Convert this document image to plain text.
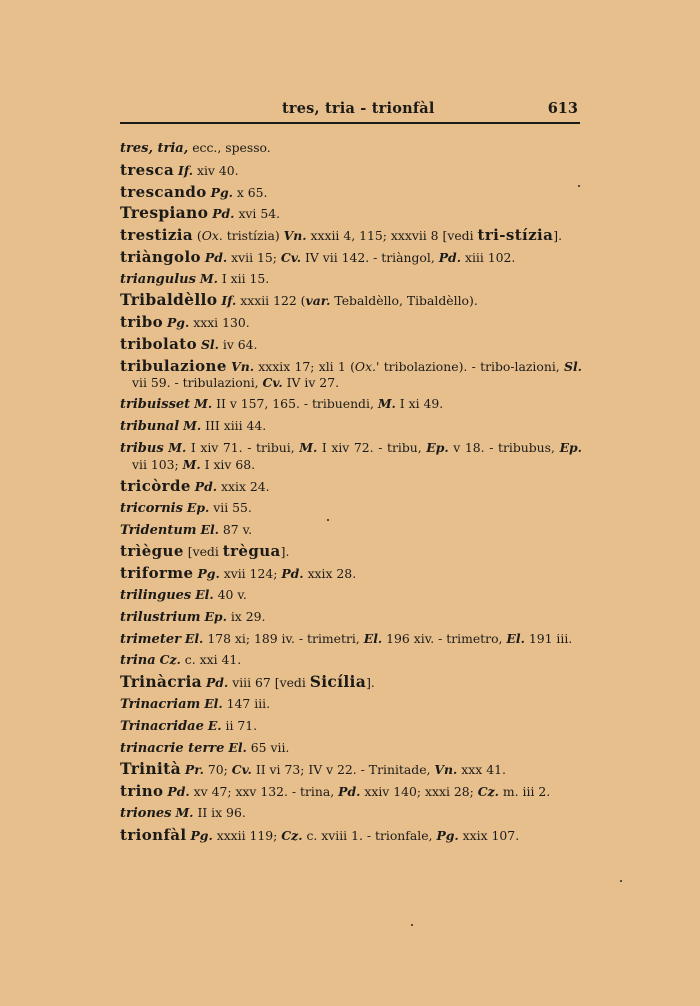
tres, tria - trionfàl	613
tres, tria, ecc., spesso.
tresca If. xiv 40.
trescando Pg. x 65.
Trespiano Pd. xvi 54.
trestizia (Ox. tristízia) Vn. xxxii 4, 115; xxxvii 8 [vedi tri-stízia].
triàngolo Pd. xvii 15; Cv. IV vii 142. - triàngol, Pd. xiii 102.
triangulus M. I xii 15.
Tribaldèllo If. xxxii 122 (var. Tebaldèllo, Tibaldèllo).
tribo Pg. xxxi 130.
tribolato Sl. iv 64.
tribulazione Vn. xxxix 17; xli 1 (Ox.' tribolazione). - tribo-lazioni, Sl. vii 59. - tribulazioni, Cv. IV iv 27.
tribuisset M. II v 157, 165. - tribuendi, M. I xi 49.
tribunal M. III xiii 44.
tribus M. I xiv 71. - tribui, M. I xiv 72. - tribu, Ep. v 18. - tribubus, Ep. vii 103; M. I xiv 68.
tricòrde Pd. xxix 24.
tricornis Ep. vii 55.
Tridentum El. 87 v.
trìègue [vedi trègua].
triforme Pg. xvii 124; Pd. xxix 28.
trilingues El. 40 v.
trilustrium Ep. ix 29.
trimeter El. 178 xi; 189 iv. - trimetri, El. 196 xiv. - trimetro, El. 191 iii.
trina Cz. c. xxi 41.
Trinàcria Pd. viii 67 [vedi Sicília].
Trinacriam El. 147 iii.
Trinacridae E. ii 71.
trinacrie terre El. 65 vii.
Trinità Pr. 70; Cv. II vi 73; IV v 22. - Trinitade, Vn. xxx 41.
trino Pd. xv 47; xxv 132. - trina, Pd. xxiv 140; xxxi 28; Cz. m. iii 2.
triones M. II ix 96.
trionfàl Pg. xxxii 119; Cz. c. xviii 1. - trionfale, Pg. xxix 107.
